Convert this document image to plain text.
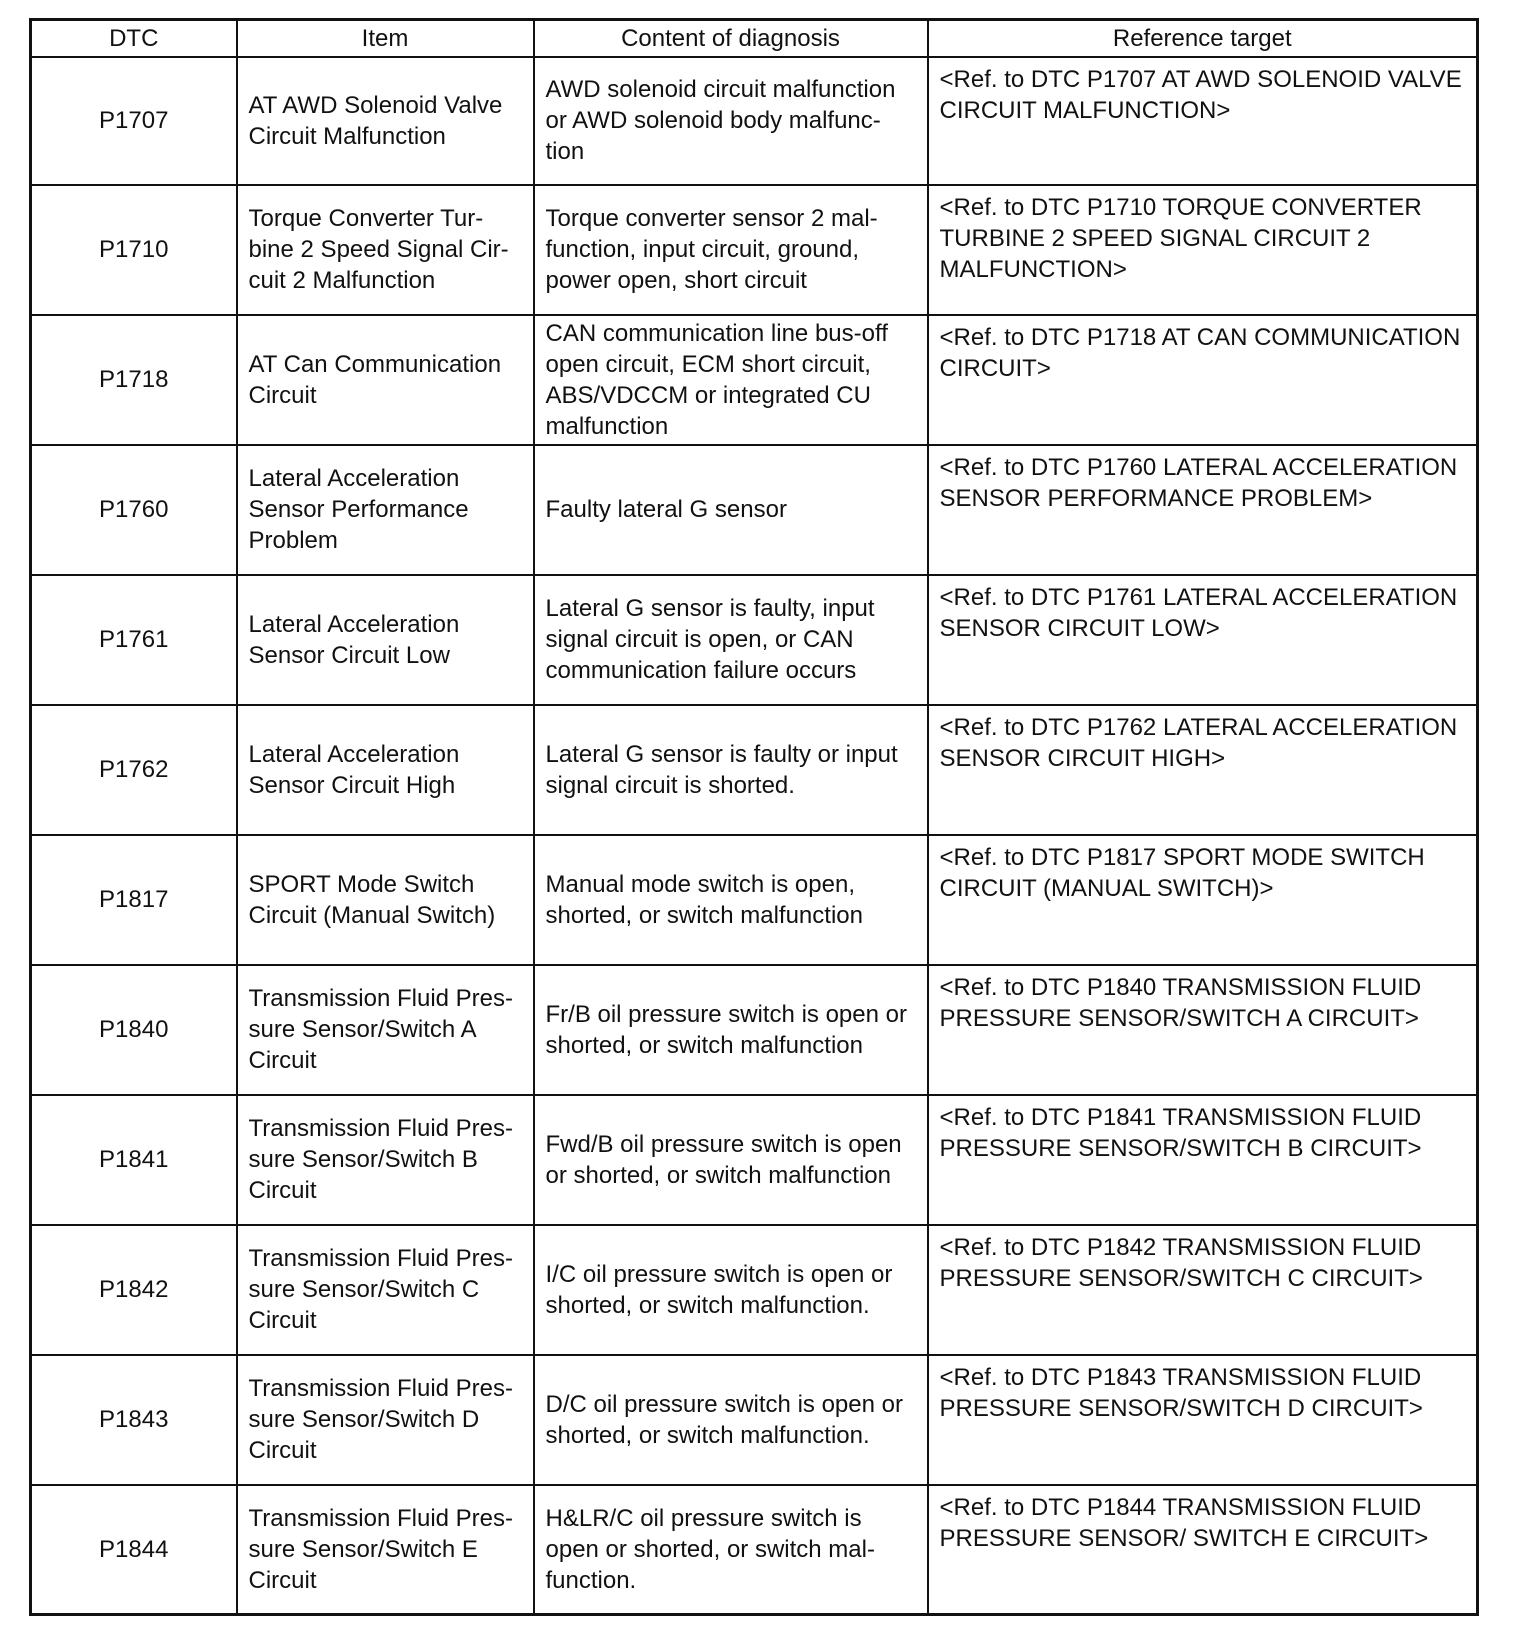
DTC	Item	Content of diagnosis	Reference target
P1707	AT AWD Solenoid Valve Circuit Malfunction	AWD solenoid circuit malfunction or AWD solenoid body malfunc-tion	<Ref. to DTC P1707 AT AWD SOLENOID VALVE CIRCUIT MALFUNCTION>
P1710	Torque Converter Tur-bine 2 Speed Signal Cir-cuit 2 Malfunction	Torque converter sensor 2 mal-function, input circuit, ground, power open, short circuit	<Ref. to DTC P1710 TORQUE CONVERTER TURBINE 2 SPEED SIGNAL CIRCUIT 2 MALFUNCTION>
P1718	AT Can Communication Circuit	CAN communication line bus-off open circuit, ECM short circuit, ABS/VDCCM or integrated CU malfunction	<Ref. to DTC P1718 AT CAN COMMUNICATION CIRCUIT>
P1760	Lateral Acceleration Sensor Performance Problem	Faulty lateral G sensor	<Ref. to DTC P1760 LATERAL ACCELERATION SENSOR PERFORMANCE PROBLEM>
P1761	Lateral Acceleration Sensor Circuit Low	Lateral G sensor is faulty, input signal circuit is open, or CAN communication failure occurs	<Ref. to DTC P1761 LATERAL ACCELERATION SENSOR CIRCUIT LOW>
P1762	Lateral Acceleration Sensor Circuit High	Lateral G sensor is faulty or input signal circuit is shorted.	<Ref. to DTC P1762 LATERAL ACCELERATION SENSOR CIRCUIT HIGH>
P1817	SPORT Mode Switch Circuit (Manual Switch)	Manual mode switch is open, shorted, or switch malfunction	<Ref. to DTC P1817 SPORT MODE SWITCH CIRCUIT (MANUAL SWITCH)>
P1840	Transmission Fluid Pres-sure Sensor/Switch A Circuit	Fr/B oil pressure switch is open or shorted, or switch malfunction	<Ref. to DTC P1840 TRANSMISSION FLUID PRESSURE SENSOR/SWITCH A CIRCUIT>
P1841	Transmission Fluid Pres-sure Sensor/Switch B Circuit	Fwd/B oil pressure switch is open or shorted, or switch malfunction	<Ref. to DTC P1841 TRANSMISSION FLUID PRESSURE SENSOR/SWITCH B CIRCUIT>
P1842	Transmission Fluid Pres-sure Sensor/Switch C Circuit	I/C oil pressure switch is open or shorted, or switch malfunction.	<Ref. to DTC P1842 TRANSMISSION FLUID PRESSURE SENSOR/SWITCH C CIRCUIT>
P1843	Transmission Fluid Pres-sure Sensor/Switch D Circuit	D/C oil pressure switch is open or shorted, or switch malfunction.	<Ref. to DTC P1843 TRANSMISSION FLUID PRESSURE SENSOR/SWITCH D CIRCUIT>
P1844	Transmission Fluid Pres-sure Sensor/Switch E Circuit	H&LR/C oil pressure switch is open or shorted, or switch mal-function.	<Ref. to DTC P1844 TRANSMISSION FLUID PRESSURE SENSOR/ SWITCH E CIRCUIT>
